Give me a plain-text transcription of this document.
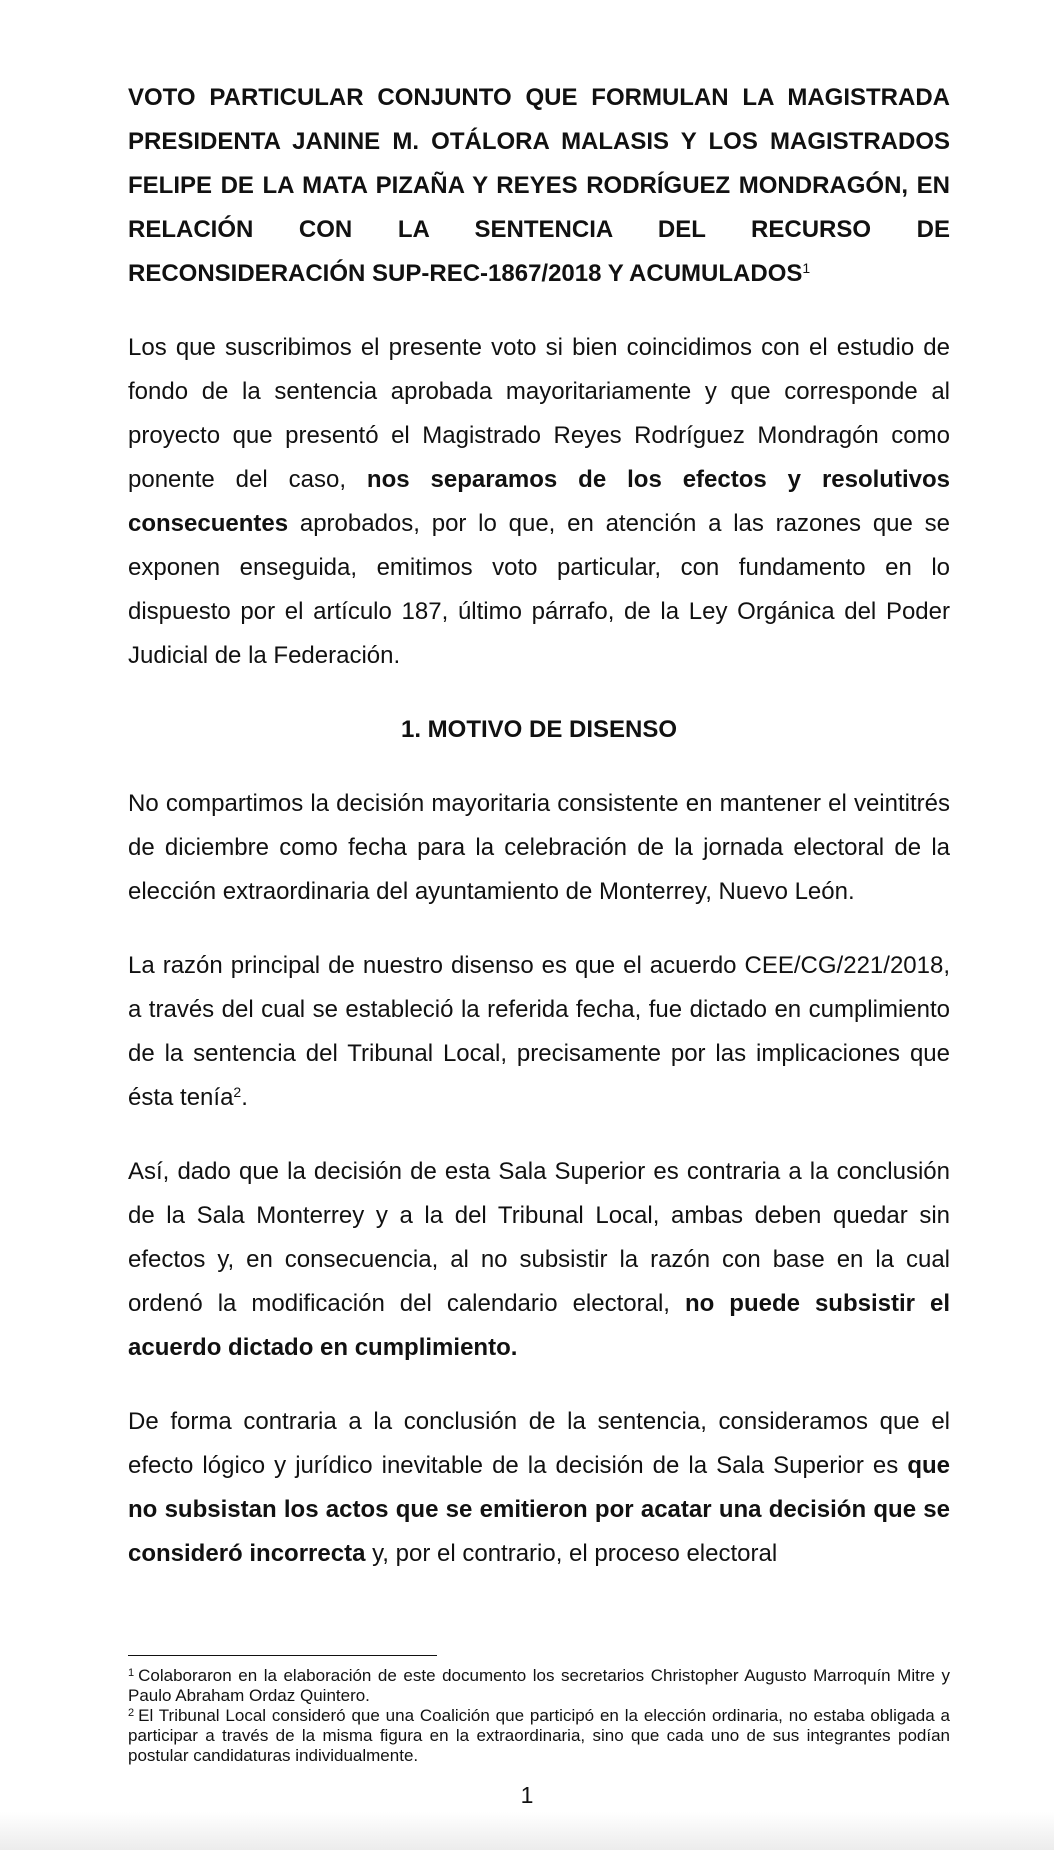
VOTO PARTICULAR CONJUNTO QUE FORMULAN LA MAGISTRADA PRESIDENTA JANINE M. OTÁLORA MALASIS Y LOS MAGISTRADOS FELIPE DE LA MATA PIZAÑA Y REYES RODRÍGUEZ MONDRAGÓN, EN RELACIÓN CON LA SENTENCIA DEL RECURSO DE RECONSIDERACIÓN SUP-REC-1867/2018 Y ACUMULADOS$^1$

Los que suscribimos el presente voto si bien coincidimos con el estudio de fondo de la sentencia aprobada mayoritariamente y que corresponde al proyecto que presentó el Magistrado Reyes Rodríguez Mondragón como ponente del caso, nos separamos de los efectos y resolutivos consecuentes aprobados, por lo que, en atención a las razones que se exponen enseguida, emitimos voto particular, con fundamento en lo dispuesto por el artículo 187, último párrafo, de la Ley Orgánica del Poder Judicial de la Federación.

1. MOTIVO DE DISENSO

No compartimos la decisión mayoritaria consistente en mantener el veintitrés de diciembre como fecha para la celebración de la jornada electoral de la elección extraordinaria del ayuntamiento de Monterrey, Nuevo León.

La razón principal de nuestro disenso es que el acuerdo CEE/CG/221/2018, a través del cual se estableció la referida fecha, fue dictado en cumplimiento de la sentencia del Tribunal Local, precisamente por las implicaciones que ésta tenía$^2$.

Así, dado que la decisión de esta Sala Superior es contraria a la conclusión de la Sala Monterrey y a la del Tribunal Local, ambas deben quedar sin efectos y, en consecuencia, al no subsistir la razón con base en la cual ordenó la modificación del calendario electoral, no puede subsistir el acuerdo dictado en cumplimiento.

De forma contraria a la conclusión de la sentencia, consideramos que el efecto lógico y jurídico inevitable de la decisión de la Sala Superior es que no subsistan los actos que se emitieron por acatar una decisión que se consideró incorrecta y, por el contrario, el proceso electoral

$^1$ Colaboraron en la elaboración de este documento los secretarios Christopher Augusto Marroquín Mitre y Paulo Abraham Ordaz Quintero.

$^2$ El Tribunal Local consideró que una Coalición que participó en la elección ordinaria, no estaba obligada a participar a través de la misma figura en la extraordinaria, sino que cada uno de sus integrantes podían postular candidaturas individualmente.

1
